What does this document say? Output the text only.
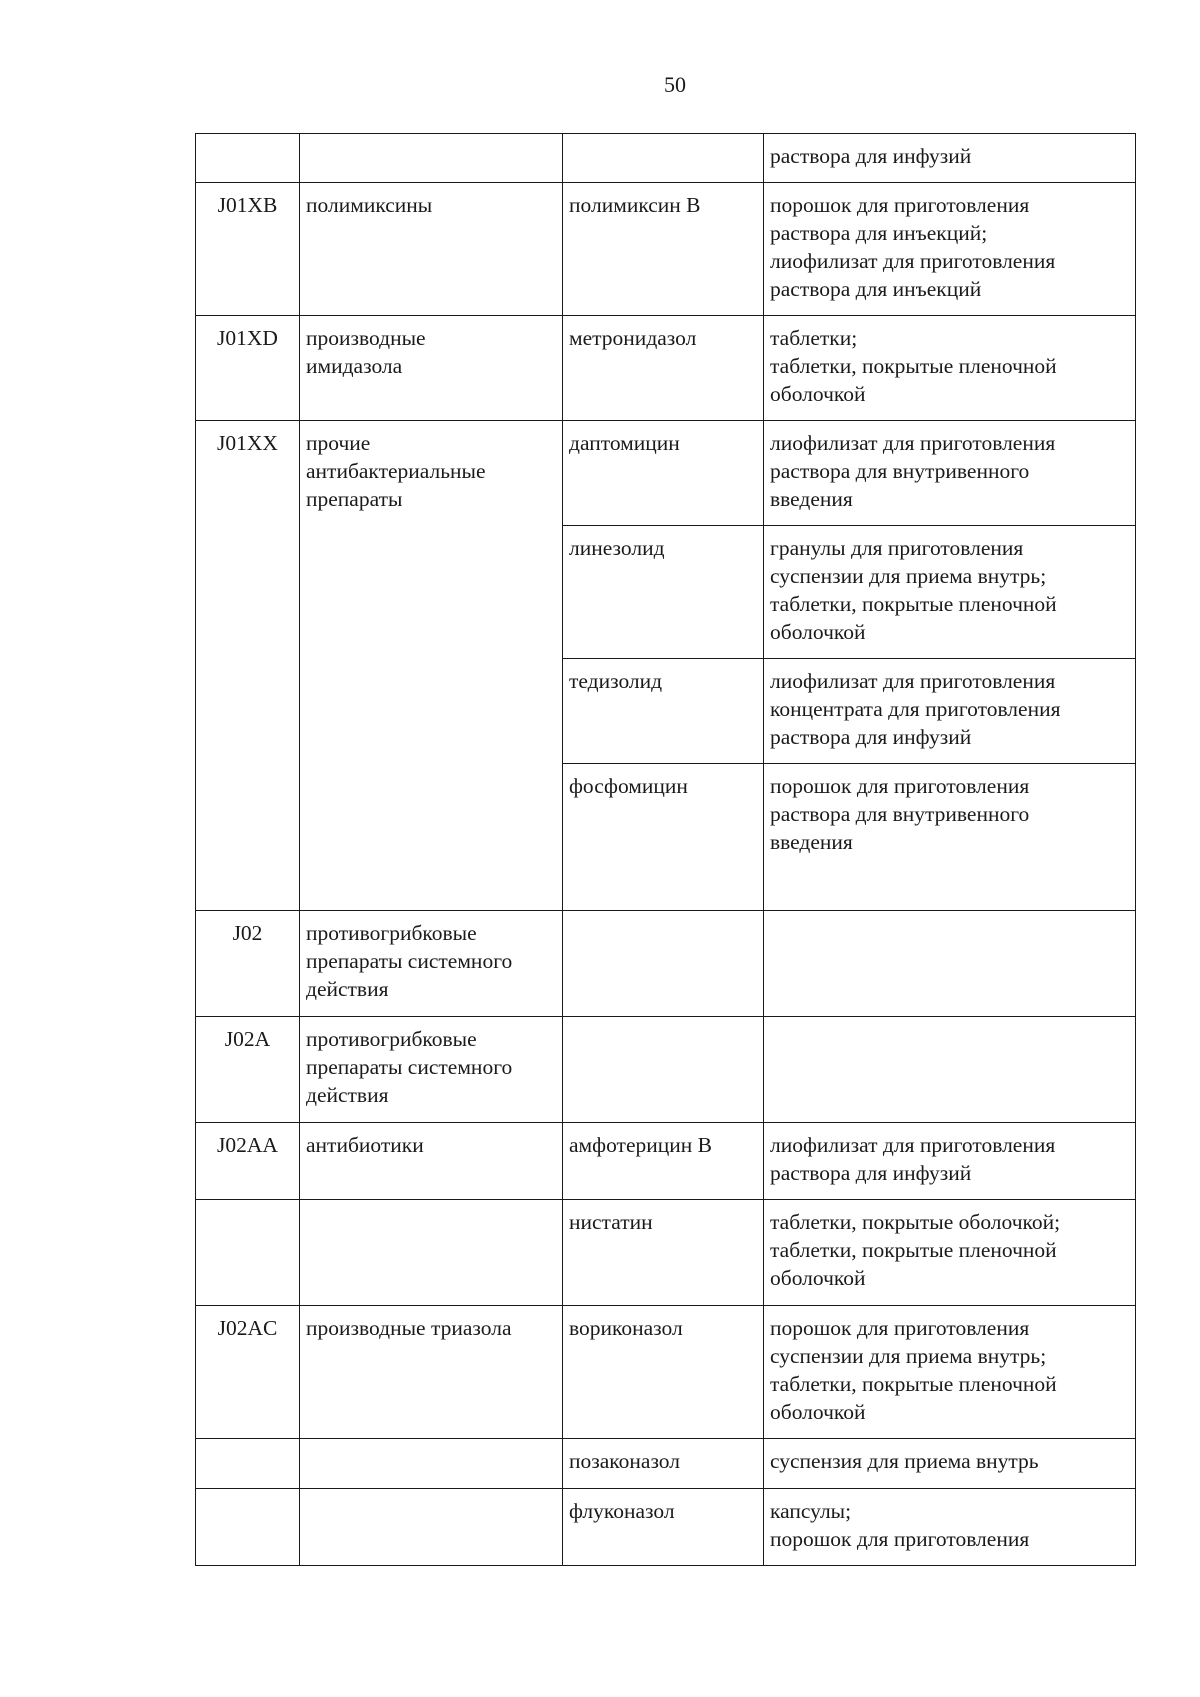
50
			раствора для инфузий
J01XB	полимиксины	полимиксин B	порошок для приготовления
раствора для инъекций;
лиофилизат для приготовления
раствора для инъекций
J01XD	производные
имидазола	метронидазол	таблетки;
таблетки, покрытые пленочной
оболочкой
J01XX	прочие
антибактериальные
препараты	даптомицин	лиофилизат для приготовления
раствора для внутривенного
введения
		линезолид	гранулы для приготовления
суспензии для приема внутрь;
таблетки, покрытые пленочной
оболочкой
		тедизолид	лиофилизат для приготовления
концентрата для приготовления
раствора для инфузий
		фосфомицин	порошок для приготовления
раствора для внутривенного
введения
J02	противогрибковые
препараты системного
действия		
J02A	противогрибковые
препараты системного
действия		
J02AA	антибиотики	амфотерицин B	лиофилизат для приготовления
раствора для инфузий
		нистатин	таблетки, покрытые оболочкой;
таблетки, покрытые пленочной
оболочкой
J02AC	производные триазола	вориконазол	порошок для приготовления
суспензии для приема внутрь;
таблетки, покрытые пленочной
оболочкой
		позаконазол	суспензия для приема внутрь
		флуконазол	капсулы;
порошок для приготовления
